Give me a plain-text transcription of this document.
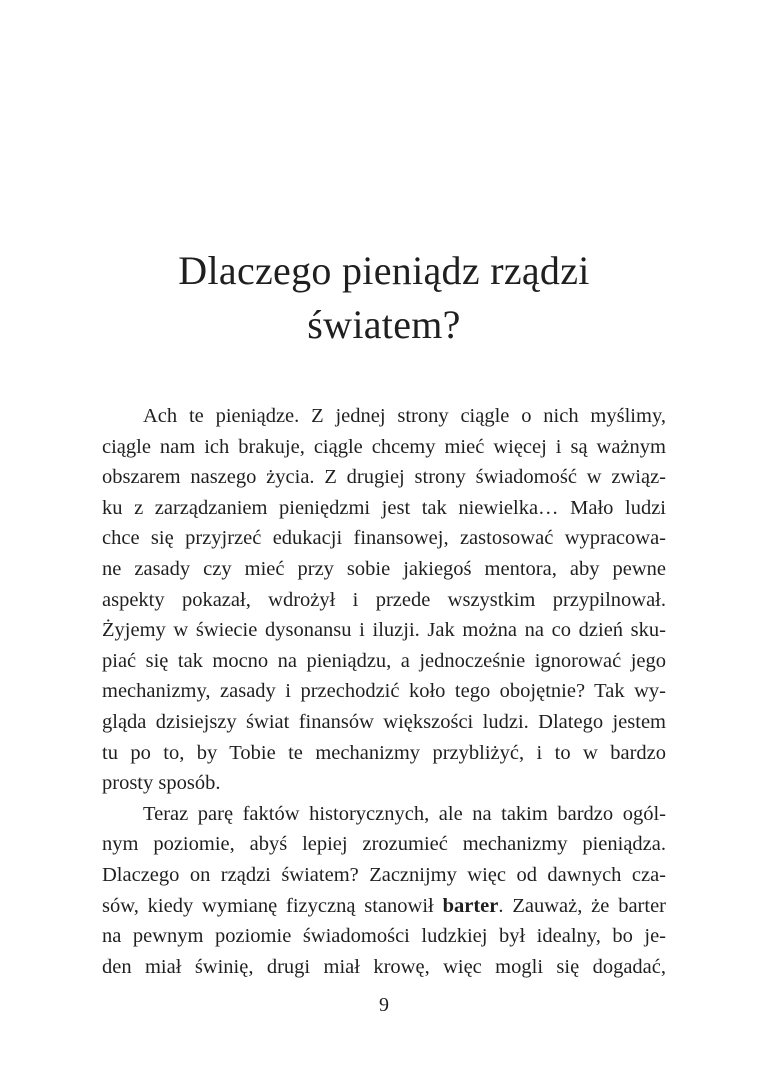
Dlaczego pieniądz rządzi
światem?
Ach te pieniądze. Z jednej strony ciągle o nich myślimy,
ciągle nam ich brakuje, ciągle chcemy mieć więcej i są ważnym
obszarem naszego życia. Z drugiej strony świadomość w związ-
ku z zarządzaniem pieniędzmi jest tak niewielka… Mało ludzi
chce się przyjrzeć edukacji finansowej, zastosować wypracowa-
ne zasady czy mieć przy sobie jakiegoś mentora, aby pewne
aspekty pokazał, wdrożył i przede wszystkim przypilnował.
Żyjemy w świecie dysonansu i iluzji. Jak można na co dzień sku-
piać się tak mocno na pieniądzu, a jednocześnie ignorować jego
mechanizmy, zasady i przechodzić koło tego obojętnie? Tak wy-
gląda dzisiejszy świat finansów większości ludzi. Dlatego jestem
tu po to, by Tobie te mechanizmy przybliżyć, i to w bardzo
prosty sposób.
Teraz parę faktów historycznych, ale na takim bardzo ogól-
nym poziomie, abyś lepiej zrozumieć mechanizmy pieniądza.
Dlaczego on rządzi światem? Zacznijmy więc od dawnych cza-
sów, kiedy wymianę fizyczną stanowił barter. Zauważ, że barter
na pewnym poziomie świadomości ludzkiej był idealny, bo je-
den miał świnię, drugi miał krowę, więc mogli się dogadać,
9
